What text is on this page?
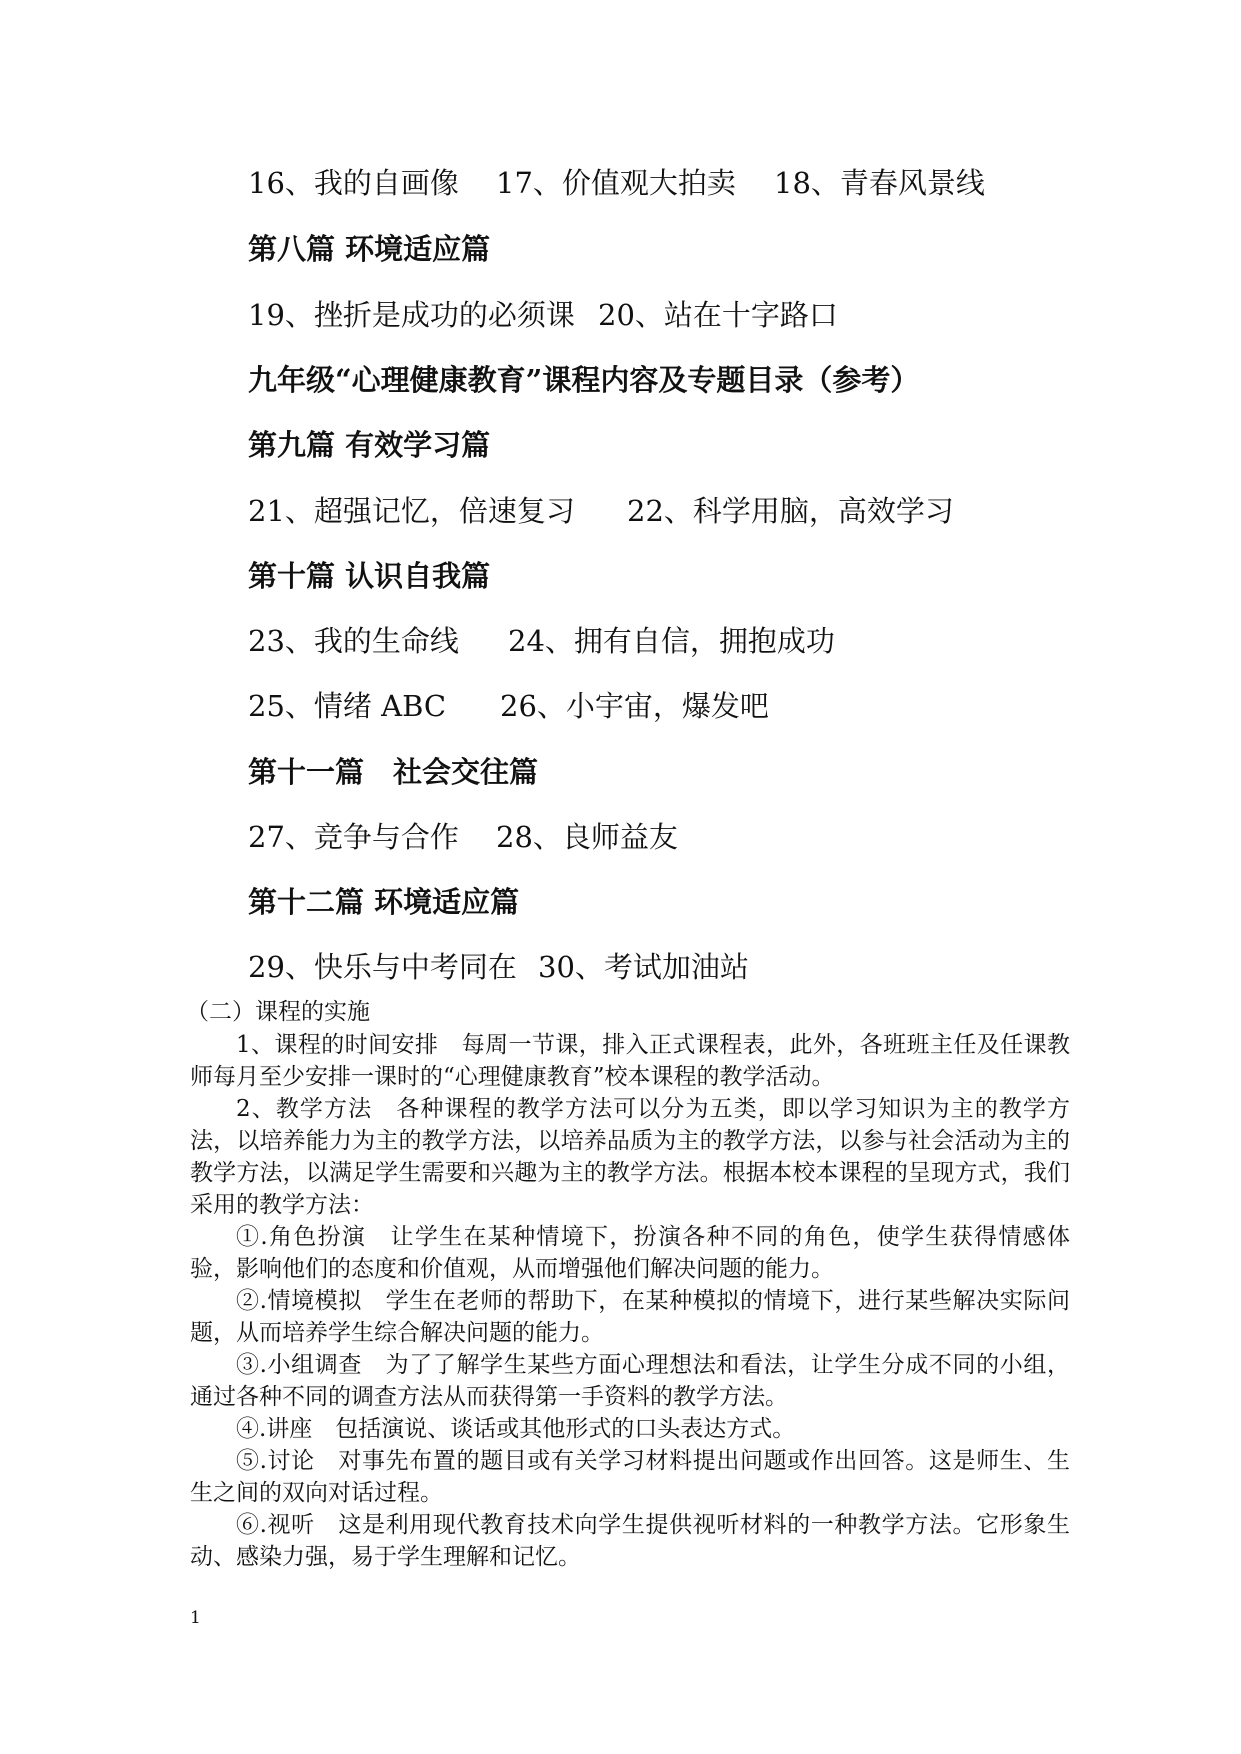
16、我的自画像 17、价值观大拍卖 18、青春风景线
第八篇 环境适应篇
19、挫折是成功的必须课 20、站在十字路口
九年级“心理健康教育”课程内容及专题目录（参考）
第九篇 有效学习篇
21、超强记忆，倍速复习 22、科学用脑，高效学习
第十篇 认识自我篇
23、我的生命线 24、拥有自信，拥抱成功
25、情绪 ABC 26、小宇宙，爆发吧
第十一篇　社会交往篇
27、竞争与合作 28、良师益友
第十二篇 环境适应篇
29、快乐与中考同在 30、考试加油站
（二）课程的实施

1、课程的时间安排　每周一节课，排入正式课程表，此外，各班班主任及任课教师每月至少安排一课时的“心理健康教育”校本课程的教学活动。

2、教学方法　各种课程的教学方法可以分为五类，即以学习知识为主的教学方法，以培养能力为主的教学方法，以培养品质为主的教学方法，以参与社会活动为主的教学方法，以满足学生需要和兴趣为主的教学方法。根据本校本课程的呈现方式，我们采用的教学方法：

①.角色扮演　让学生在某种情境下，扮演各种不同的角色，使学生获得情感体验，影响他们的态度和价值观，从而增强他们解决问题的能力。

②.情境模拟　学生在老师的帮助下，在某种模拟的情境下，进行某些解决实际问题，从而培养学生综合解决问题的能力。

③.小组调查　为了了解学生某些方面心理想法和看法，让学生分成不同的小组，通过各种不同的调查方法从而获得第一手资料的教学方法。

④.讲座　包括演说、谈话或其他形式的口头表达方式。

⑤.讨论　对事先布置的题目或有关学习材料提出问题或作出回答。这是师生、生生之间的双向对话过程。

⑥.视听　这是利用现代教育技术向学生提供视听材料的一种教学方法。它形象生动、感染力强，易于学生理解和记忆。

1
